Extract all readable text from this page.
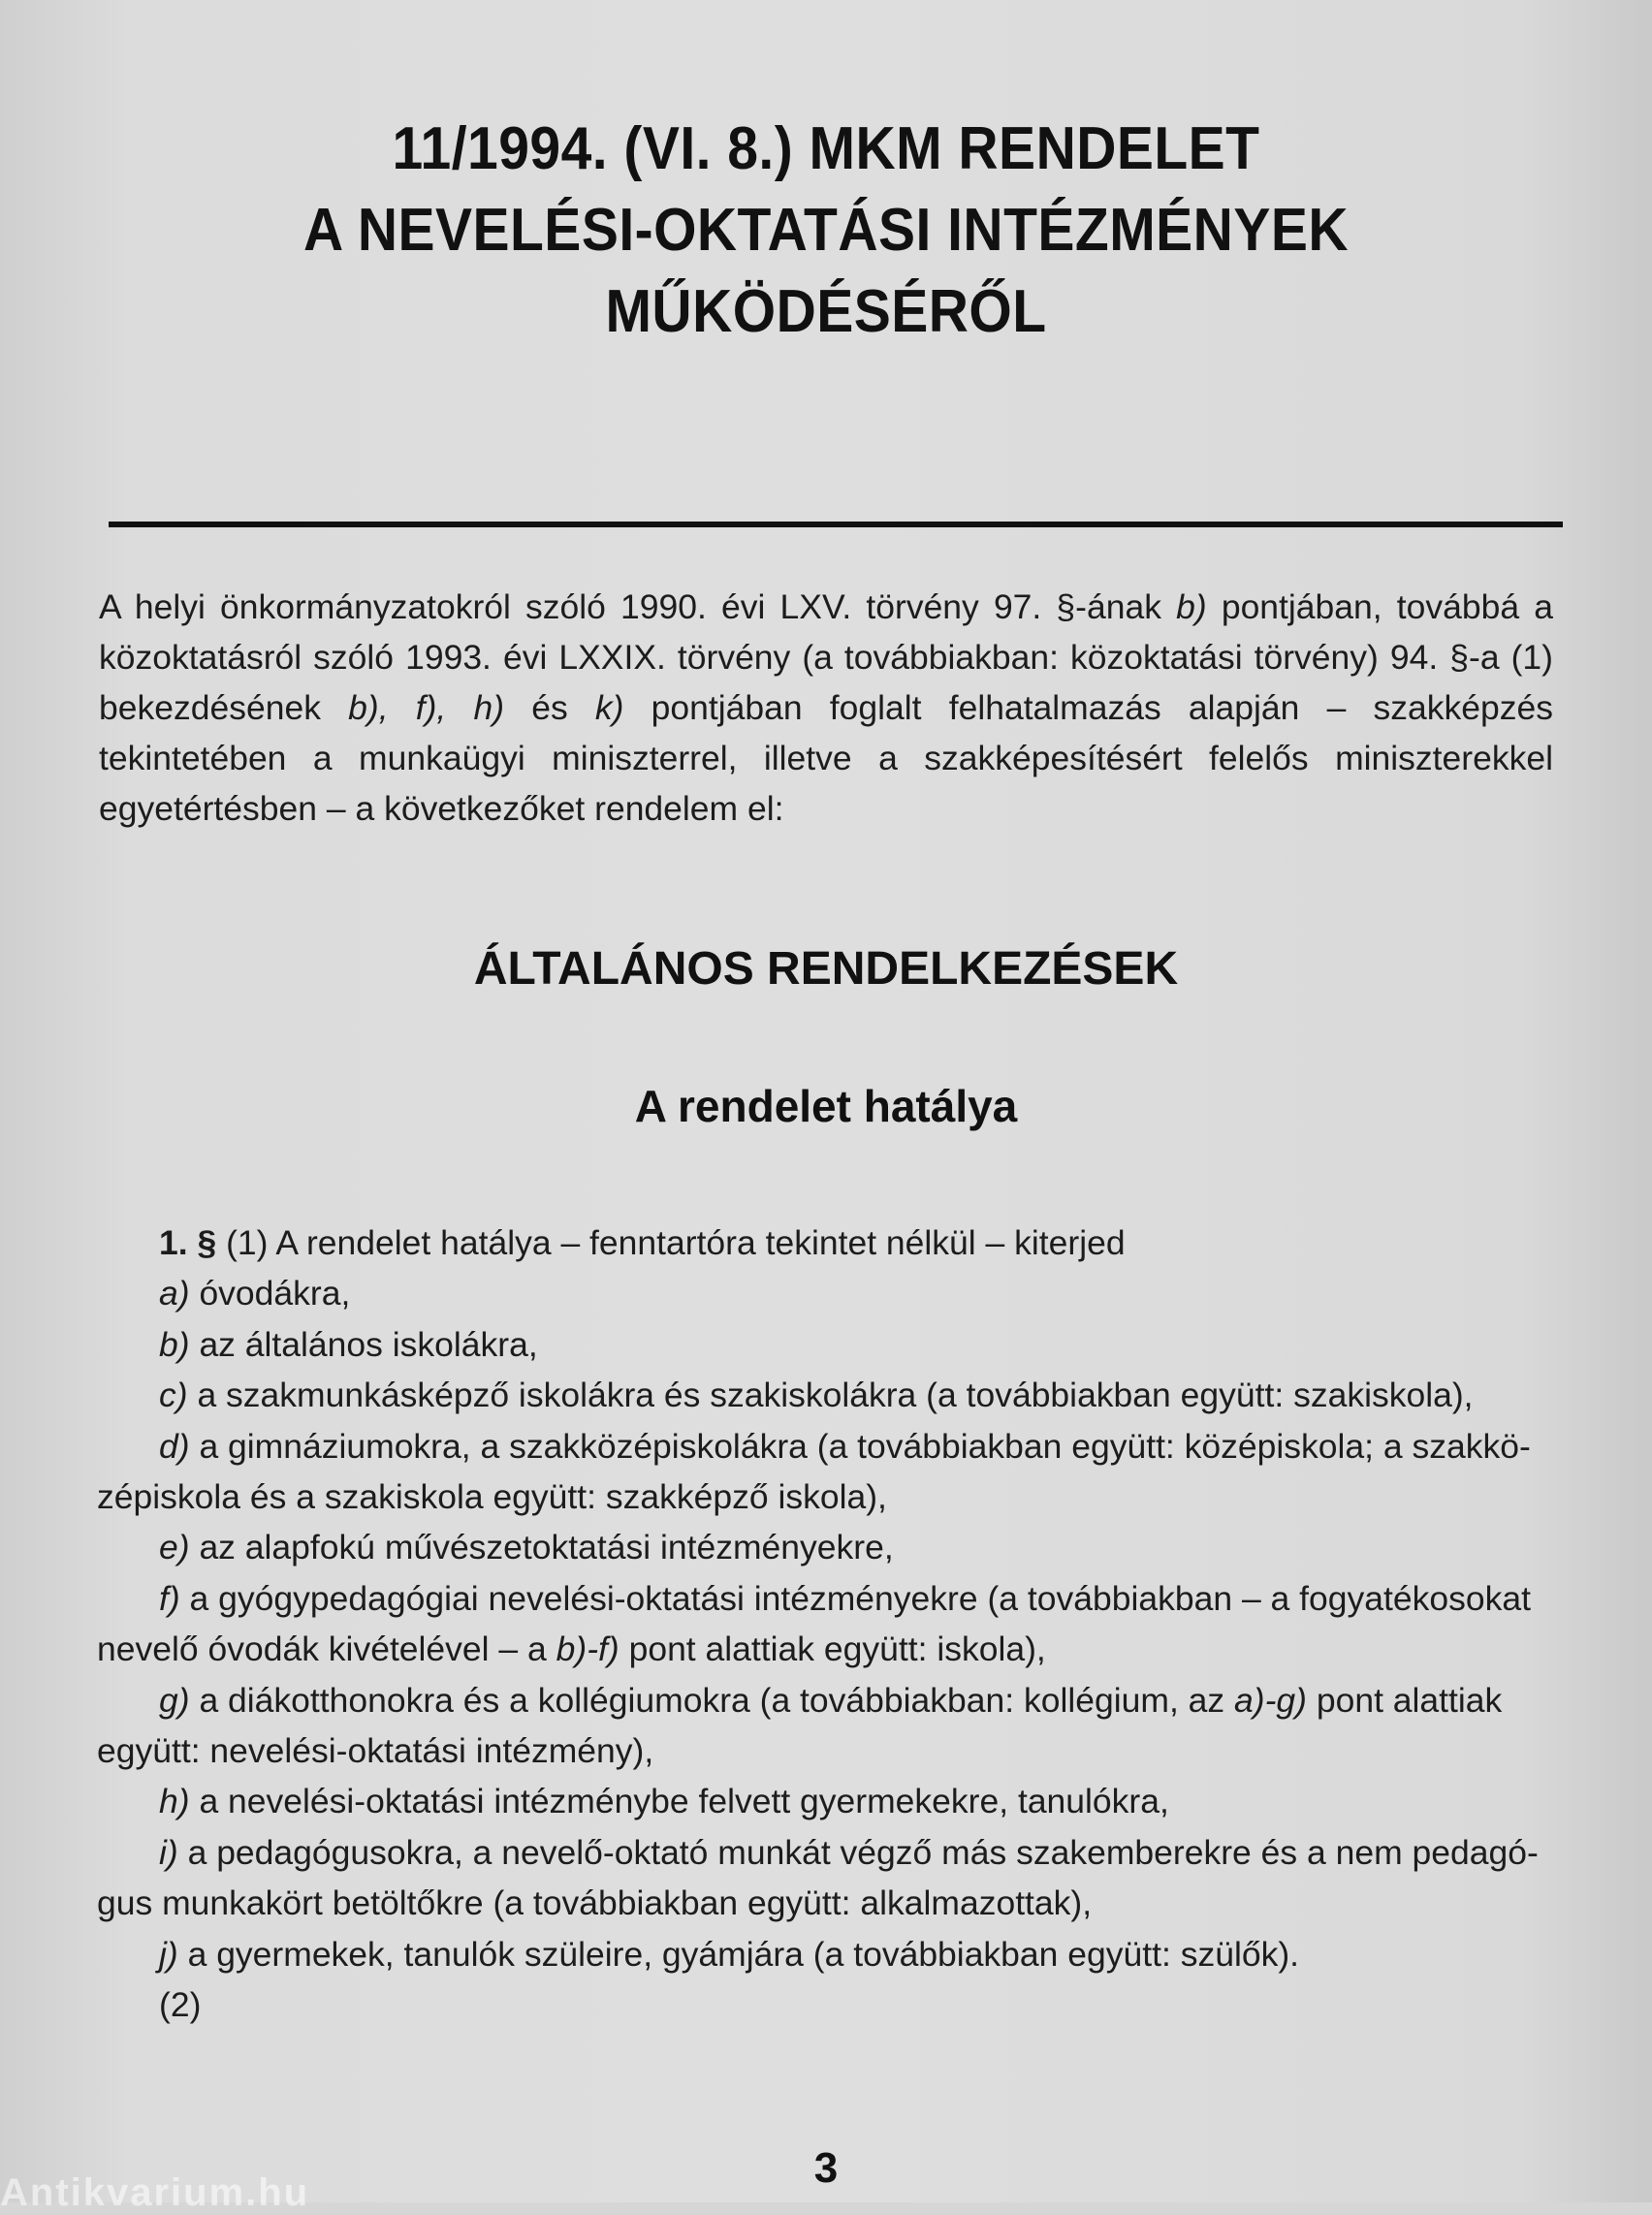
11/1994. (VI. 8.) MKM RENDELET
A NEVELÉSI-OKTATÁSI INTÉZMÉNYEK
MŰKÖDÉSÉRŐL

A helyi önkormányzatokról szóló 1990. évi LXV. törvény 97. §-ának b) pontjában, továbbá a közoktatásról szóló 1993. évi LXXIX. törvény (a továbbiakban: közoktatási törvény) 94. §-a (1) bekezdésének b), f), h) és k) pontjában foglalt felhatalmazás alapján – szakképzés tekintetében a munkaügyi miniszterrel, illetve a szakképesítésért felelős miniszterekkel egyetértésben – a következőket rendelem el:

ÁLTALÁNOS RENDELKEZÉSEK
A rendelet hatálya
1. § (1) A rendelet hatálya – fenntartóra tekintet nélkül – kiterjed
a) óvodákra,
b) az általános iskolákra,
c) a szakmunkásképző iskolákra és szakiskolákra (a továbbiakban együtt: szakiskola),
d) a gimnáziumokra, a szakközépiskolákra (a továbbiakban együtt: középiskola; a szakkö-
zépiskola és a szakiskola együtt: szakképző iskola),
e) az alapfokú művészetoktatási intézményekre,
f) a gyógypedagógiai nevelési-oktatási intézményekre (a továbbiakban – a fogyatékosokat
nevelő óvodák kivételével – a b)-f) pont alattiak együtt: iskola),
g) a diákotthonokra és a kollégiumokra (a továbbiakban: kollégium, az a)-g) pont alattiak
együtt: nevelési-oktatási intézmény),
h) a nevelési-oktatási intézménybe felvett gyermekekre, tanulókra,
i) a pedagógusokra, a nevelő-oktató munkát végző más szakemberekre és a nem pedagó-
gus munkakört betöltőkre (a továbbiakban együtt: alkalmazottak),
j) a gyermekek, tanulók szüleire, gyámjára (a továbbiakban együtt: szülők).
(2)
3
Antikvarium.hu
